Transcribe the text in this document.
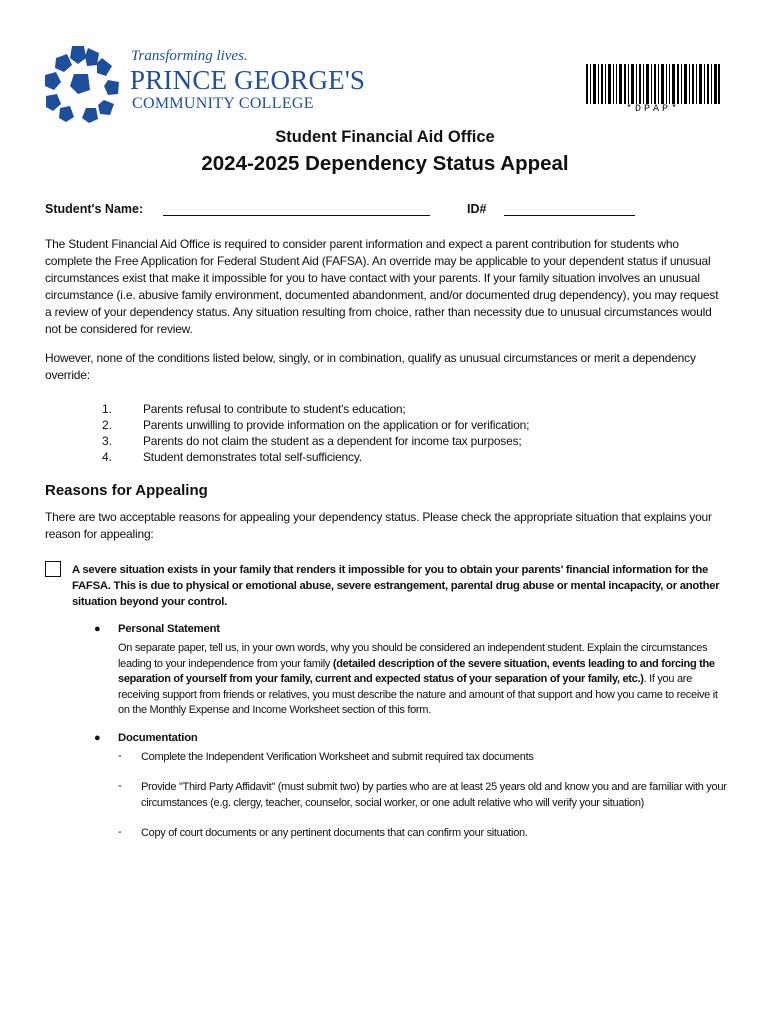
Transforming lives.
PRINCE GEORGE'S
COMMUNITY COLLEGE	*DPAP*
Student Financial Aid Office
2024-2025 Dependency Status Appeal
Student's Name:	ID#
The Student Financial Aid Office is required to consider parent information and expect a parent contribution for students who complete the Free Application for Federal Student Aid (FAFSA). An override may be applicable to your dependent status if unusual circumstances exist that make it impossible for you to have contact with your parents. If your family situation involves an unusual circumstance (i.e. abusive family environment, documented abandonment, and/or documented drug dependency), you may request a review of your dependency status. Any situation resulting from choice, rather than necessity due to unusual circumstances would not be considered for review.
However, none of the conditions listed below, singly, or in combination, qualify as unusual circumstances or merit a dependency override:
1.	Parents refusal to contribute to student's education;
2.	Parents unwilling to provide information on the application or for verification;
3.	Parents do not claim the student as a dependent for income tax purposes;
4.	Student demonstrates total self-sufficiency.
Reasons for Appealing
There are two acceptable reasons for appealing your dependency status. Please check the appropriate situation that explains your reason for appealing:
A severe situation exists in your family that renders it impossible for you to obtain your parents' financial information for the FAFSA. This is due to physical or emotional abuse, severe estrangement, parental drug abuse or mental incapacity, or another situation beyond your control.
● Personal Statement
On separate paper, tell us, in your own words, why you should be considered an independent student. Explain the circumstances leading to your independence from your family (detailed description of the severe situation, events leading to and forcing the separation of yourself from your family, current and expected status of your separation of your family, etc.). If you are receiving support from friends or relatives, you must describe the nature and amount of that support and how you came to receive it on the Monthly Expense and Income Worksheet section of this form.
● Documentation
- Complete the Independent Verification Worksheet and submit required tax documents
- Provide "Third Party Affidavit" (must submit two) by parties who are at least 25 years old and know you and are familiar with your circumstances (e.g. clergy, teacher, counselor, social worker, or one adult relative who will verify your situation)
- Copy of court documents or any pertinent documents that can confirm your situation.
